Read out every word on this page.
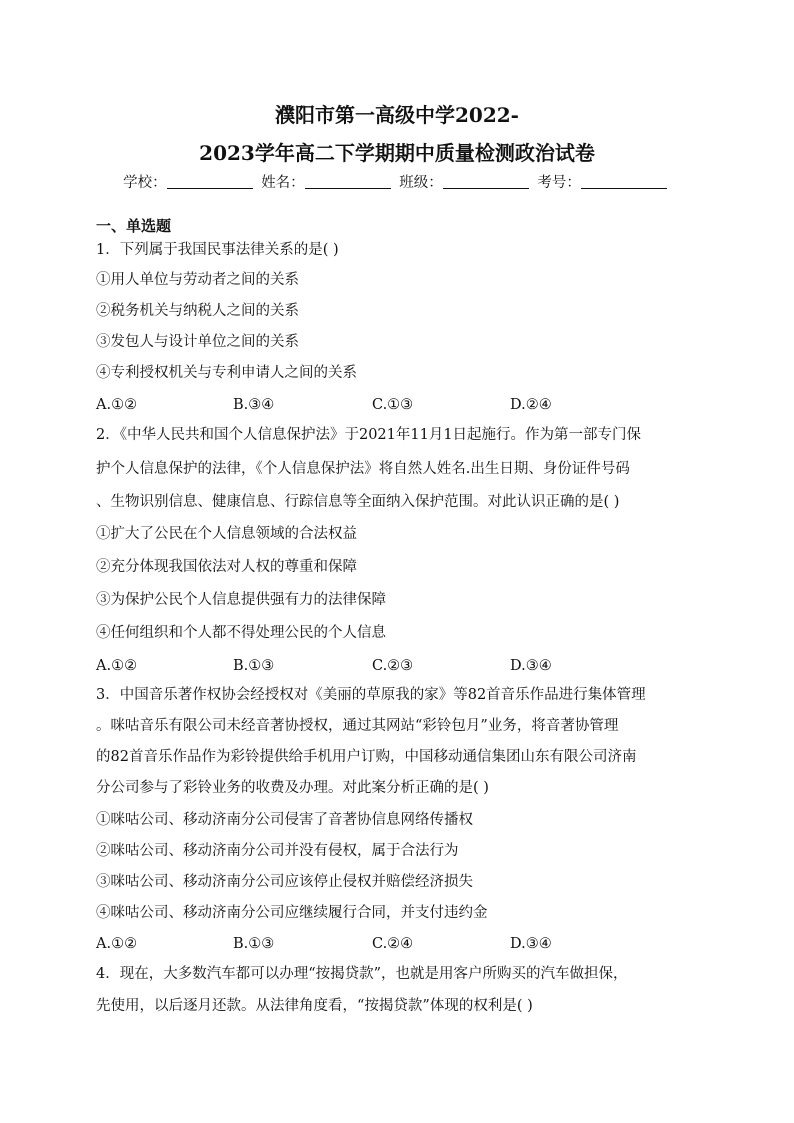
濮阳市第一高级中学2022-
2023学年高二下学期期中质量检测政治试卷
学校：	姓名：	班级：	考号：
一、单选题
1．下列属于我国民事法律关系的是( )
①用人单位与劳动者之间的关系
②税务机关与纳税人之间的关系
③发包人与设计单位之间的关系
④专利授权机关与专利申请人之间的关系
A.①②	B.③④	C.①③	D.②④
2．《中华人民共和国个人信息保护法》于2021年11月1日起施行。作为第一部专门保
护个人信息保护的法律，《个人信息保护法》将自然人姓名.出生日期、身份证件号码
、生物识别信息、健康信息、行踪信息等全面纳入保护范围。对此认识正确的是( )
①扩大了公民在个人信息领域的合法权益
②充分体现我国依法对人权的尊重和保障
③为保护公民个人信息提供强有力的法律保障
④任何组织和个人都不得处理公民的个人信息
A.①②	B.①③	C.②③	D.③④
3．中国音乐著作权协会经授权对《美丽的草原我的家》等82首音乐作品进行集体管理
。咪咕音乐有限公司未经音著协授权，通过其网站“彩铃包月”业务，将音著协管理
的82首音乐作品作为彩铃提供给手机用户订购，中国移动通信集团山东有限公司济南
分公司参与了彩铃业务的收费及办理。对此案分析正确的是( )
①咪咕公司、移动济南分公司侵害了音著协信息网络传播权
②咪咕公司、移动济南分公司并没有侵权，属于合法行为
③咪咕公司、移动济南分公司应该停止侵权并赔偿经济损失
④咪咕公司、移动济南分公司应继续履行合同，并支付违约金
A.①②	B.①③	C.②④	D.③④
4．现在，大多数汽车都可以办理“按揭贷款”，也就是用客户所购买的汽车做担保，
先使用，以后逐月还款。从法律角度看，“按揭贷款”体现的权利是( )
